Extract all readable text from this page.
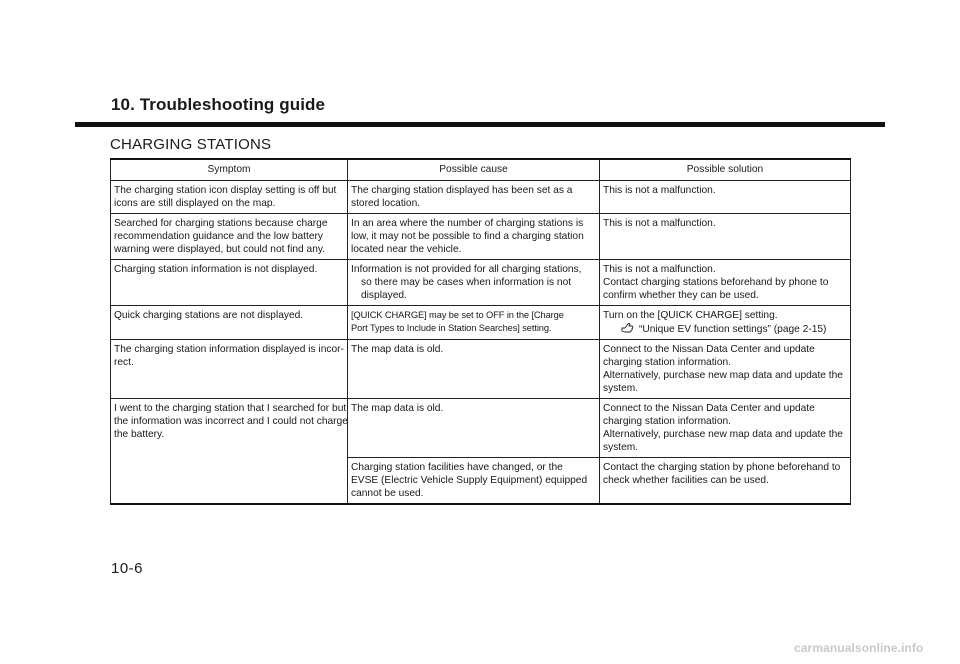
10. Troubleshooting guide
CHARGING STATIONS
Symptom	Possible cause	Possible solution

The charging station icon display setting is off but
icons are still displayed on the map.	The charging station displayed has been set as a
stored location.	This is not a malfunction.

Searched for charging stations because charge
recommendation guidance and the low battery
warning were displayed, but could not find any.	In an area where the number of charging stations is
low, it may not be possible to find a charging station
located near the vehicle.	This is not a malfunction.

Charging station information is not displayed.	Information is not provided for all charging stations,
so there may be cases when information is not
displayed.	This is not a malfunction.
Contact charging stations beforehand by phone to
confirm whether they can be used.

Quick charging stations are not displayed.	[QUICK CHARGE] may be set to OFF in the [Charge
Port Types to Include in Station Searches] setting.	Turn on the [QUICK CHARGE] setting.
“Unique EV function settings” (page 2-15)

The charging station information displayed is incor-
rect.	The map data is old.	Connect to the Nissan Data Center and update
charging station information.
Alternatively, purchase new map data and update the
system.

I went to the charging station that I searched for but
the information was incorrect and I could not charge
the battery.	The map data is old.	Connect to the Nissan Data Center and update
charging station information.
Alternatively, purchase new map data and update the
system.

	Charging station facilities have changed, or the
EVSE (Electric Vehicle Supply Equipment) equipped
cannot be used.	Contact the charging station by phone beforehand to
check whether facilities can be used.

10-6

carmanualsonline.info
